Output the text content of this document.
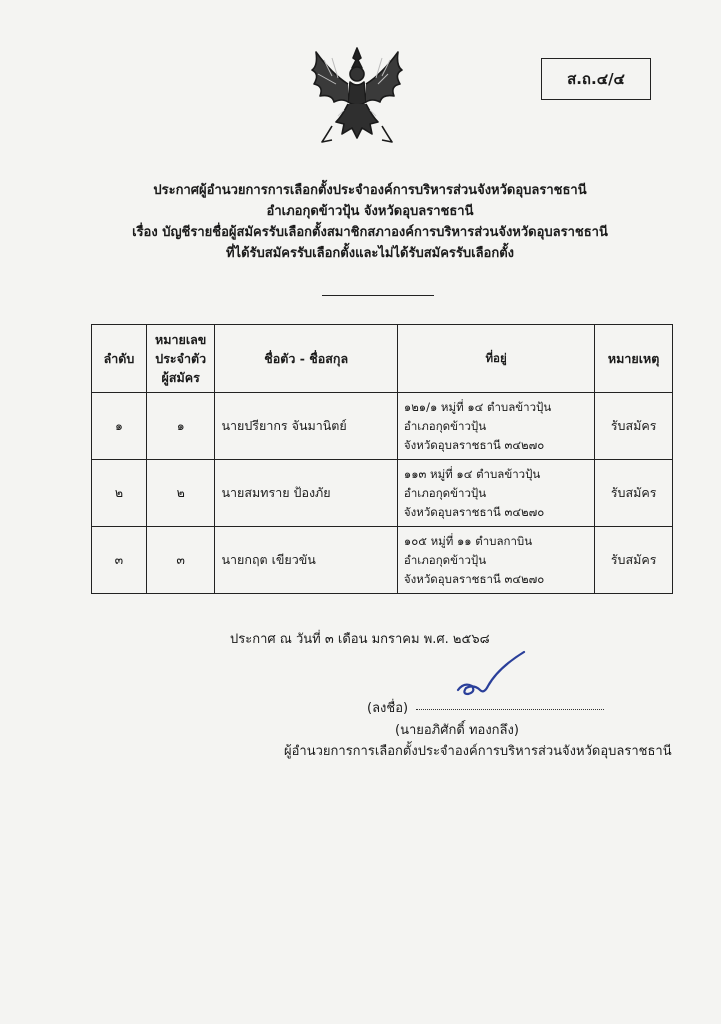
ส.ถ.๔/๔
ประกาศผู้อำนวยการการเลือกตั้งประจำองค์การบริหารส่วนจังหวัดอุบลราชธานี
อำเภอกุดข้าวปุ้น จังหวัดอุบลราชธานี
เรื่อง บัญชีรายชื่อผู้สมัครรับเลือกตั้งสมาชิกสภาองค์การบริหารส่วนจังหวัดอุบลราชธานี
ที่ได้รับสมัครรับเลือกตั้งและไม่ได้รับสมัครรับเลือกตั้ง
ลำดับ	หมายเลข
ประจำตัว
ผู้สมัคร	ชื่อตัว - ชื่อสกุล	ที่อยู่	หมายเหตุ
๑	๑	นายปรียากร จันมานิตย์	๑๒๑/๑ หมู่ที่ ๑๔ ตำบลข้าวปุ้น
อำเภอกุดข้าวปุ้น
จังหวัดอุบลราชธานี ๓๔๒๗๐	รับสมัคร
๒	๒	นายสมทราย ป้องภัย	๑๑๓ หมู่ที่ ๑๔ ตำบลข้าวปุ้น
อำเภอกุดข้าวปุ้น
จังหวัดอุบลราชธานี ๓๔๒๗๐	รับสมัคร
๓	๓	นายกฤต เขียวขัน	๑๐๕ หมู่ที่ ๑๑ ตำบลกาบิน
อำเภอกุดข้าวปุ้น
จังหวัดอุบลราชธานี ๓๔๒๗๐	รับสมัคร
ประกาศ ณ วันที่ ๓ เดือน มกราคม พ.ศ. ๒๕๖๘
(ลงชื่อ)
(นายอภิศักดิ์ ทองกลึง)
ผู้อำนวยการการเลือกตั้งประจำองค์การบริหารส่วนจังหวัดอุบลราชธานี
